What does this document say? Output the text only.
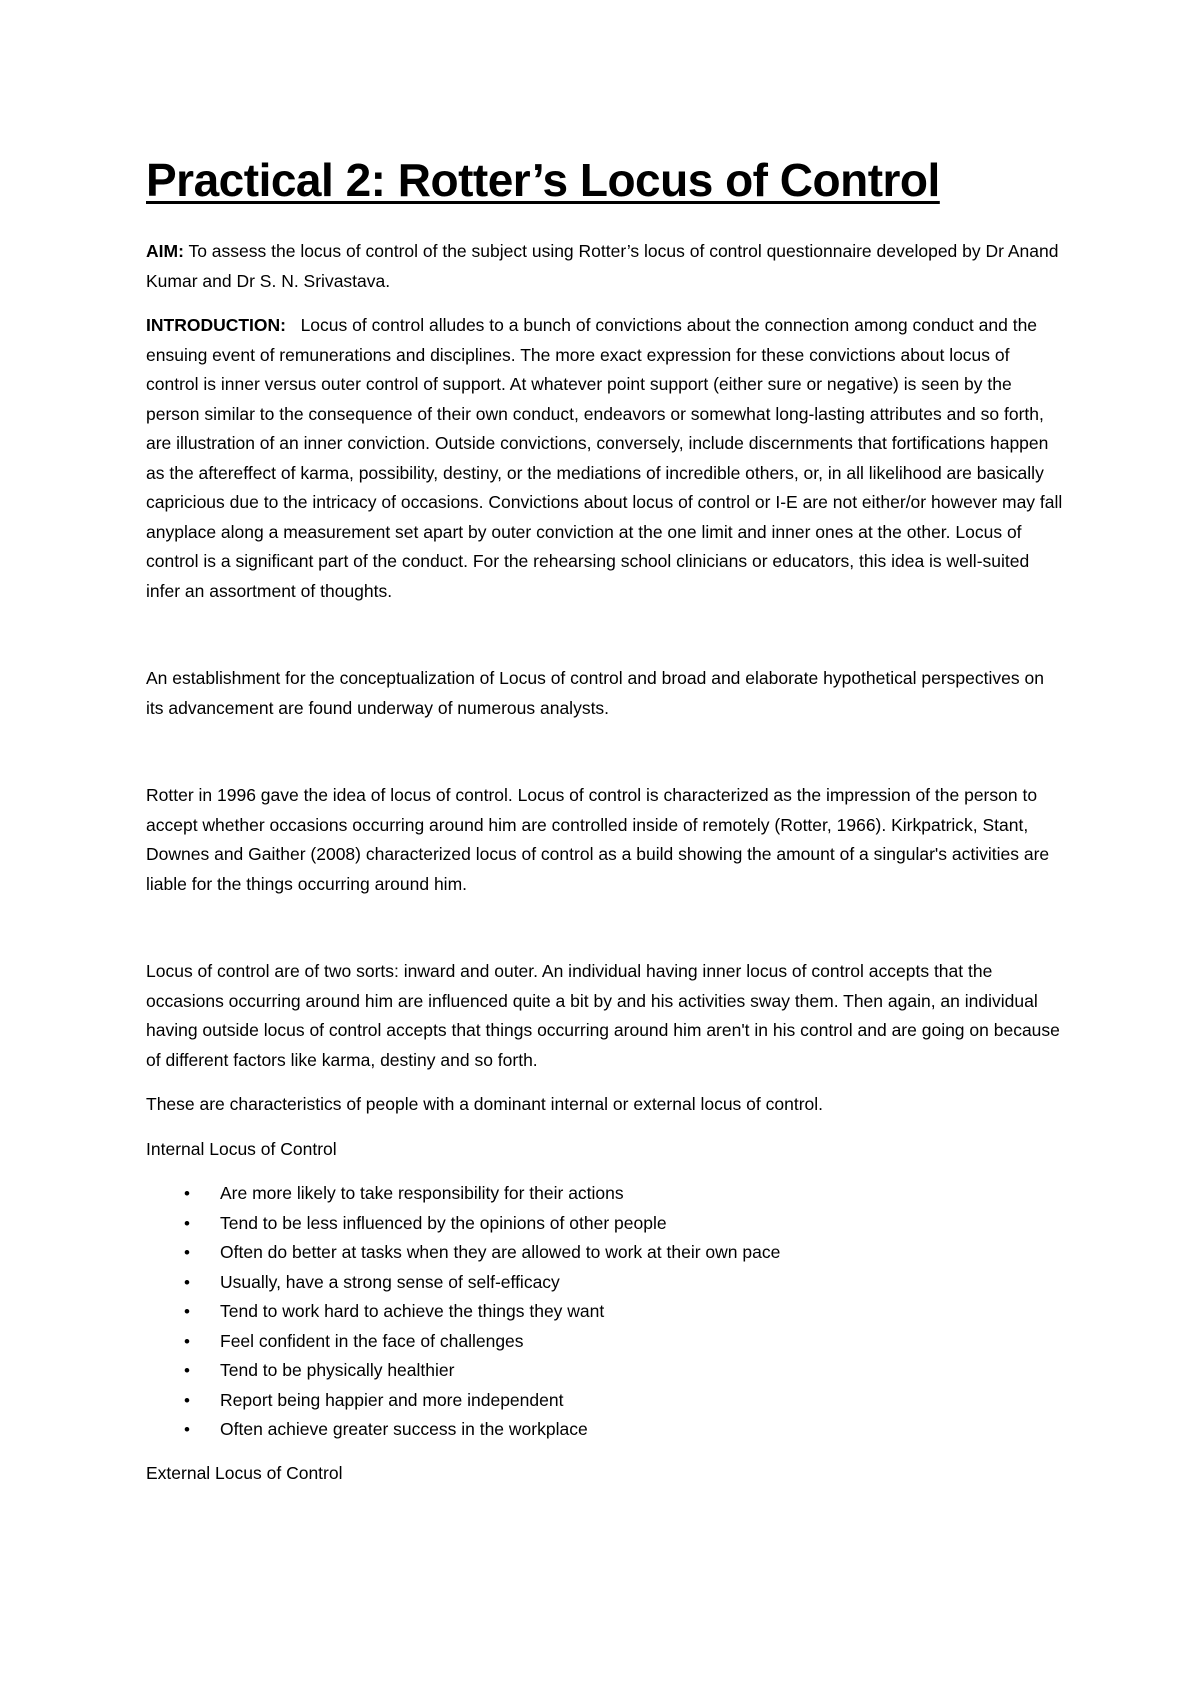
Practical 2: Rotter’s Locus of Control

AIM: To assess the locus of control of the subject using Rotter’s locus of control questionnaire developed by Dr Anand Kumar and Dr S. N. Srivastava.

INTRODUCTION:   Locus of control alludes to a bunch of convictions about the connection among conduct and the ensuing event of remunerations and disciplines. The more exact expression for these convictions about locus of control is inner versus outer control of support. At whatever point support (either sure or negative) is seen by the person similar to the consequence of their own conduct, endeavors or somewhat long-lasting attributes and so forth, are illustration of an inner conviction. Outside convictions, conversely, include discernments that fortifications happen as the aftereffect of karma, possibility, destiny, or the mediations of incredible others, or, in all likelihood are basically capricious due to the intricacy of occasions. Convictions about locus of control or I-E are not either/or however may fall anyplace along a measurement set apart by outer conviction at the one limit and inner ones at the other. Locus of control is a significant part of the conduct. For the rehearsing school clinicians or educators, this idea is well-suited infer an assortment of thoughts.

An establishment for the conceptualization of Locus of control and broad and elaborate hypothetical perspectives on its advancement are found underway of numerous analysts.

Rotter in 1996 gave the idea of locus of control. Locus of control is characterized as the impression of the person to accept whether occasions occurring around him are controlled inside of remotely (Rotter, 1966). Kirkpatrick, Stant, Downes and Gaither (2008) characterized locus of control as a build showing the amount of a singular's activities are liable for the things occurring around him.

Locus of control are of two sorts: inward and outer. An individual having inner locus of control accepts that the occasions occurring around him are influenced quite a bit by and his activities sway them. Then again, an individual having outside locus of control accepts that things occurring around him aren't in his control and are going on because of different factors like karma, destiny and so forth.

These are characteristics of people with a dominant internal or external locus of control.

Internal Locus of Control

• Are more likely to take responsibility for their actions
• Tend to be less influenced by the opinions of other people
• Often do better at tasks when they are allowed to work at their own pace
• Usually, have a strong sense of self-efficacy
• Tend to work hard to achieve the things they want
• Feel confident in the face of challenges
• Tend to be physically healthier
• Report being happier and more independent
• Often achieve greater success in the workplace

External Locus of Control
